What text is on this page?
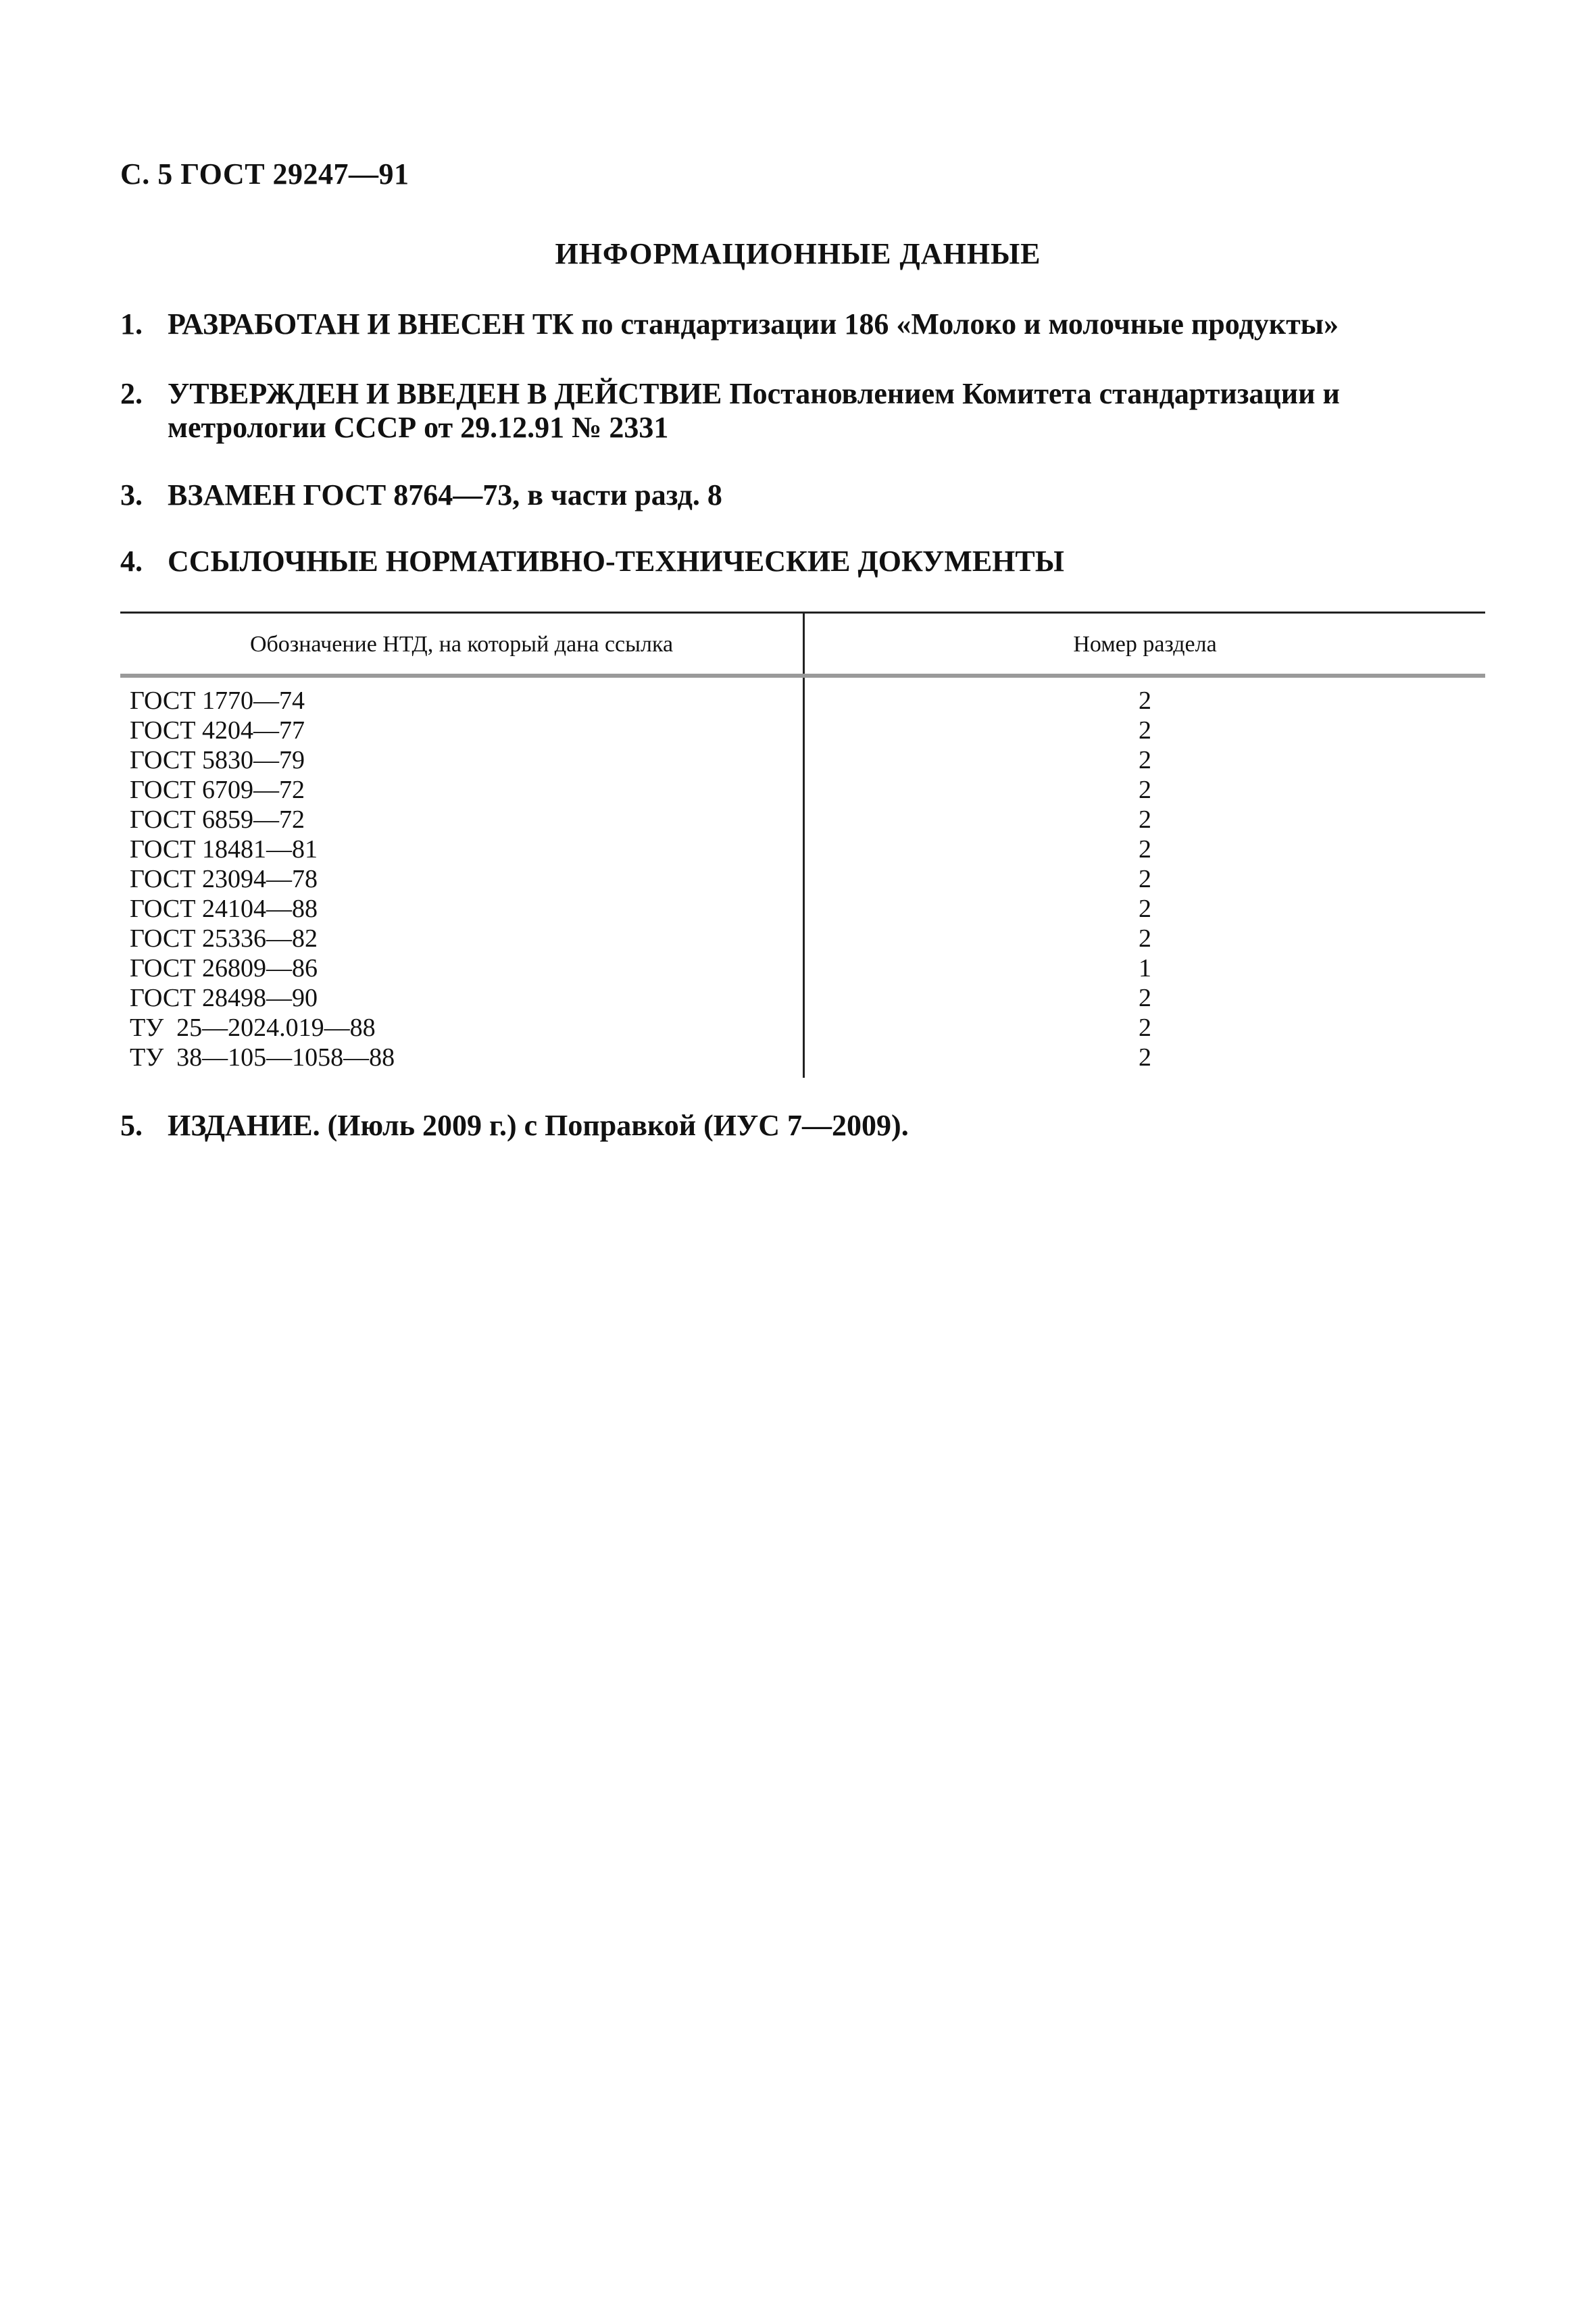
С. 5 ГОСТ 29247—91
ИНФОРМАЦИОННЫЕ ДАННЫЕ
1. РАЗРАБОТАН И ВНЕСЕН ТК по стандартизации 186 «Молоко и молочные продукты»
2. УТВЕРЖДЕН И ВВЕДЕН В ДЕЙСТВИЕ Постановлением Комитета стандартизации и метрологии СССР от 29.12.91 № 2331
3. ВЗАМЕН ГОСТ 8764—73, в части разд. 8
4. ССЫЛОЧНЫЕ НОРМАТИВНО-ТЕХНИЧЕСКИЕ ДОКУМЕНТЫ
Обозначение НТД, на который дана ссылка	Номер раздела
ГОСТ 1770—74	2
ГОСТ 4204—77	2
ГОСТ 5830—79	2
ГОСТ 6709—72	2
ГОСТ 6859—72	2
ГОСТ 18481—81	2
ГОСТ 23094—78	2
ГОСТ 24104—88	2
ГОСТ 25336—82	2
ГОСТ 26809—86	1
ГОСТ 28498—90	2
ТУ  25—2024.019—88	2
ТУ  38—105—1058—88	2
5. ИЗДАНИЕ. (Июль 2009 г.) с Поправкой (ИУС 7—2009).
